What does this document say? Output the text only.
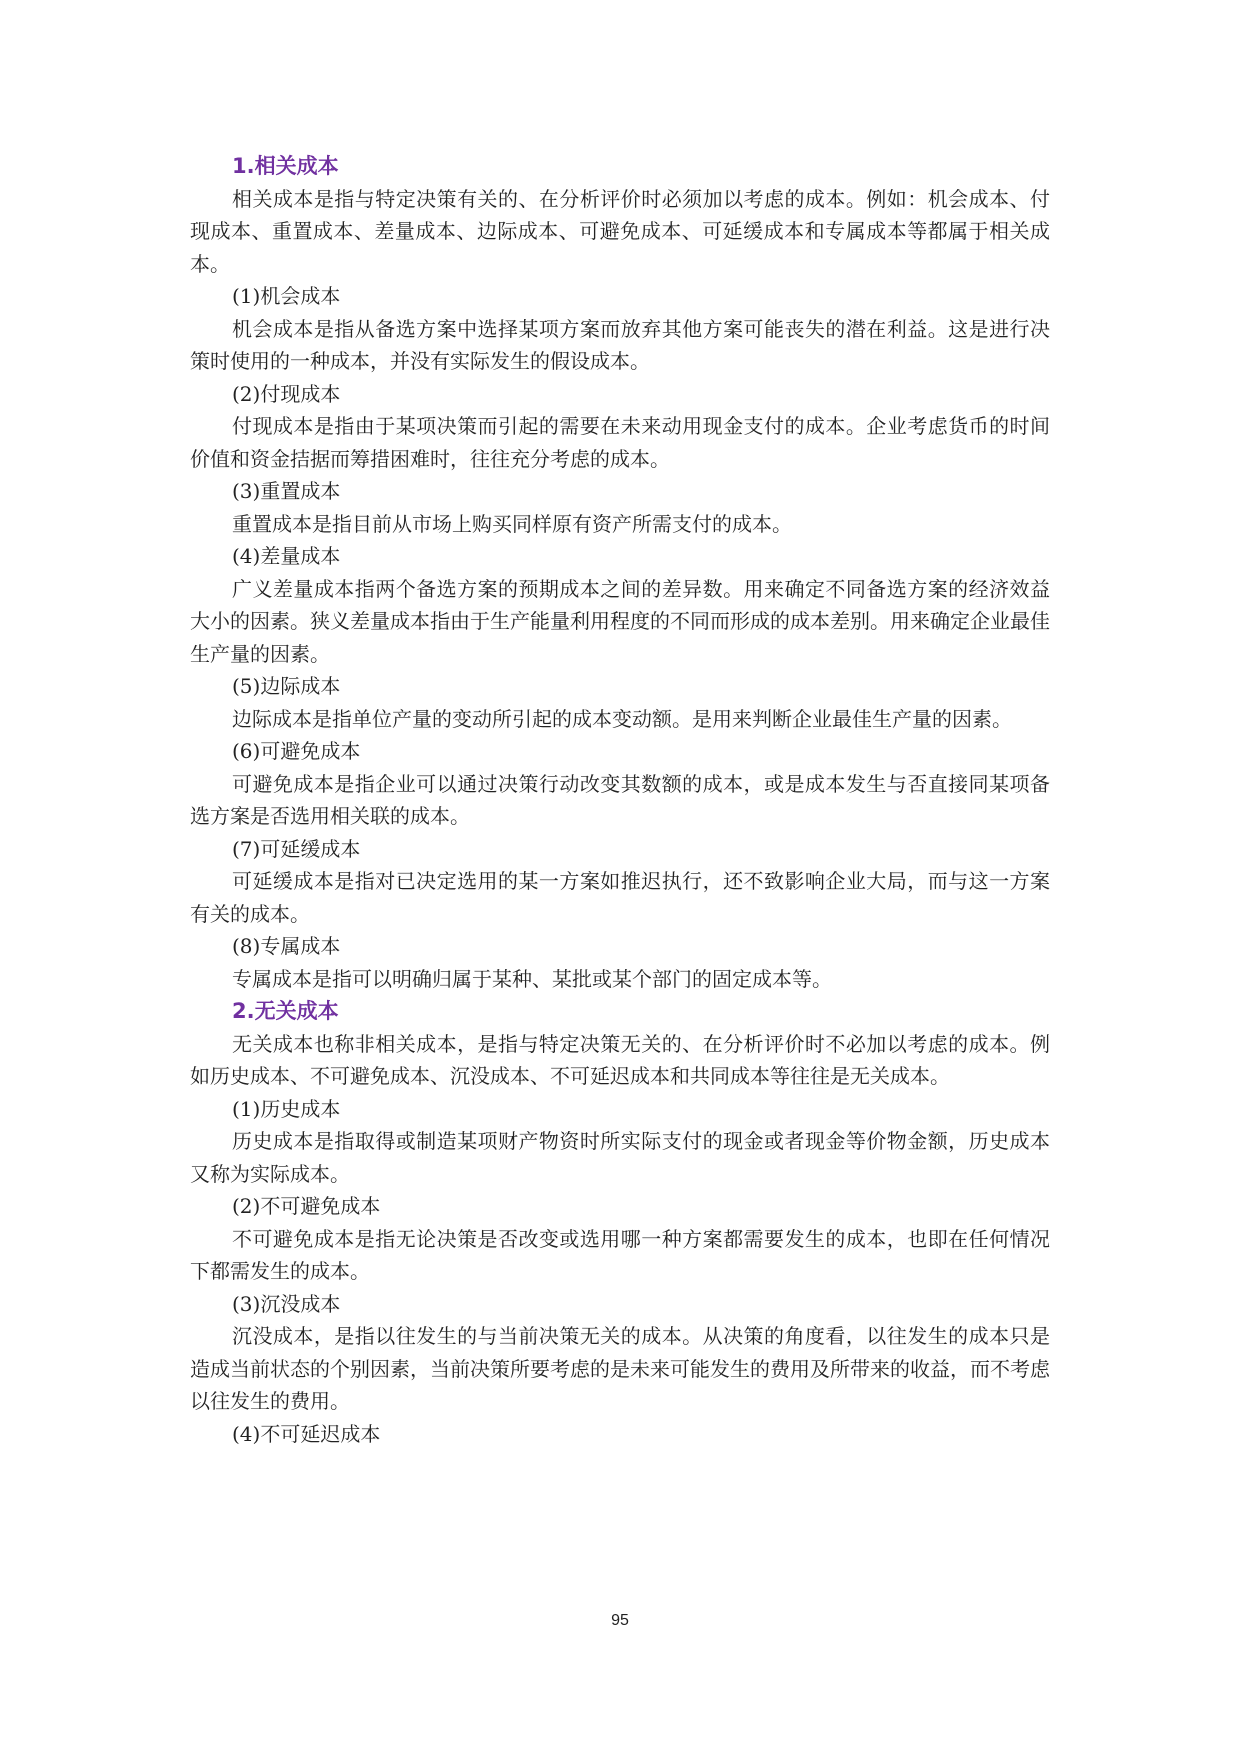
1.相关成本

相关成本是指与特定决策有关的、在分析评价时必须加以考虑的成本。例如：机会成本、付现成本、重置成本、差量成本、边际成本、可避免成本、可延缓成本和专属成本等都属于相关成本。

(1)机会成本

机会成本是指从备选方案中选择某项方案而放弃其他方案可能丧失的潜在利益。这是进行决策时使用的一种成本，并没有实际发生的假设成本。

(2)付现成本

付现成本是指由于某项决策而引起的需要在未来动用现金支付的成本。企业考虑货币的时间价值和资金拮据而筹措困难时，往往充分考虑的成本。

(3)重置成本

重置成本是指目前从市场上购买同样原有资产所需支付的成本。

(4)差量成本

广义差量成本指两个备选方案的预期成本之间的差异数。用来确定不同备选方案的经济效益大小的因素。狭义差量成本指由于生产能量利用程度的不同而形成的成本差别。用来确定企业最佳生产量的因素。

(5)边际成本

边际成本是指单位产量的变动所引起的成本变动额。是用来判断企业最佳生产量的因素。

(6)可避免成本

可避免成本是指企业可以通过决策行动改变其数额的成本，或是成本发生与否直接同某项备选方案是否选用相关联的成本。

(7)可延缓成本

可延缓成本是指对已决定选用的某一方案如推迟执行，还不致影响企业大局，而与这一方案有关的成本。

(8)专属成本

专属成本是指可以明确归属于某种、某批或某个部门的固定成本等。

2.无关成本

无关成本也称非相关成本，是指与特定决策无关的、在分析评价时不必加以考虑的成本。例如历史成本、不可避免成本、沉没成本、不可延迟成本和共同成本等往往是无关成本。

(1)历史成本

历史成本是指取得或制造某项财产物资时所实际支付的现金或者现金等价物金额，历史成本又称为实际成本。

(2)不可避免成本

不可避免成本是指无论决策是否改变或选用哪一种方案都需要发生的成本，也即在任何情况下都需发生的成本。

(3)沉没成本

沉没成本，是指以往发生的与当前决策无关的成本。从决策的角度看，以往发生的成本只是造成当前状态的个别因素，当前决策所要考虑的是未来可能发生的费用及所带来的收益，而不考虑以往发生的费用。

(4)不可延迟成本

95
